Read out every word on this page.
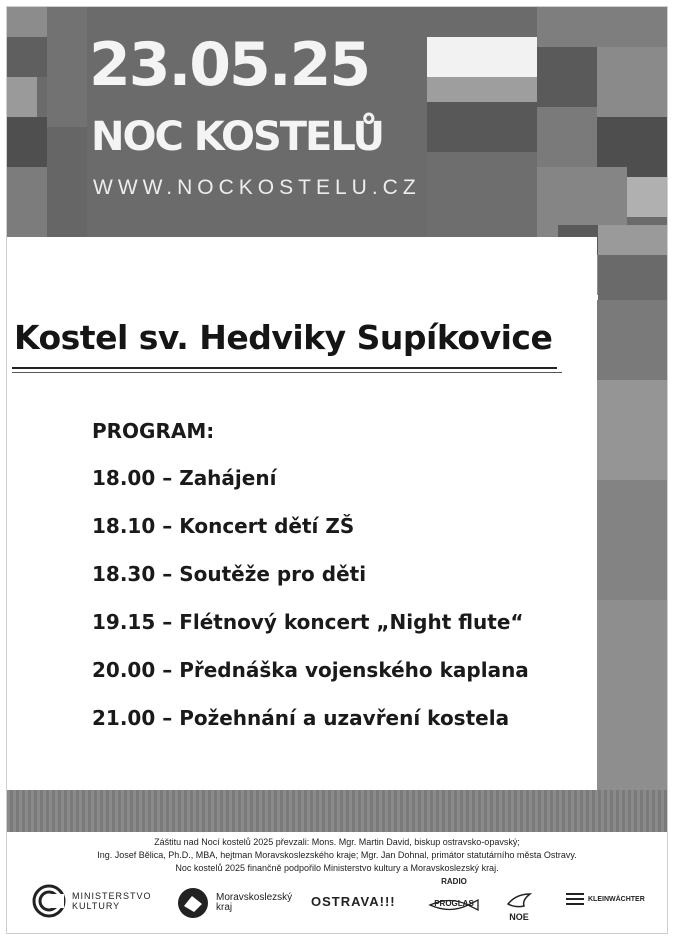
23.05.25
NOC KOSTELŮ
WWW.NOCKOSTELU.CZ
Kostel sv. Hedviky Supíkovice
PROGRAM:
18.00 – Zahájení
18.10 – Koncert dětí ZŠ
18.30 – Soutěže pro děti
19.15 – Flétnový koncert „Night flute“
20.00 – Přednáška vojenského kaplana
21.00 – Požehnání a uzavření kostela
Záštitu nad Nocí kostelů 2025 převzali: Mons. Mgr. Martin David, biskup ostravsko-opavský;
Ing. Josef Bělica, Ph.D., MBA, hejtman Moravskoslezského kraje; Mgr. Jan Dohnal, primátor statutárního města Ostravy.
Noc kostelů 2025 finančně podpořilo Ministerstvo kultury a Moravskoslezský kraj.
MINISTERSTVO
KULTURY
Moravskoslezský
kraj	OSTRAVA!!!
RADIO
PROGLAS
NOE
KLEINWÄCHTER
